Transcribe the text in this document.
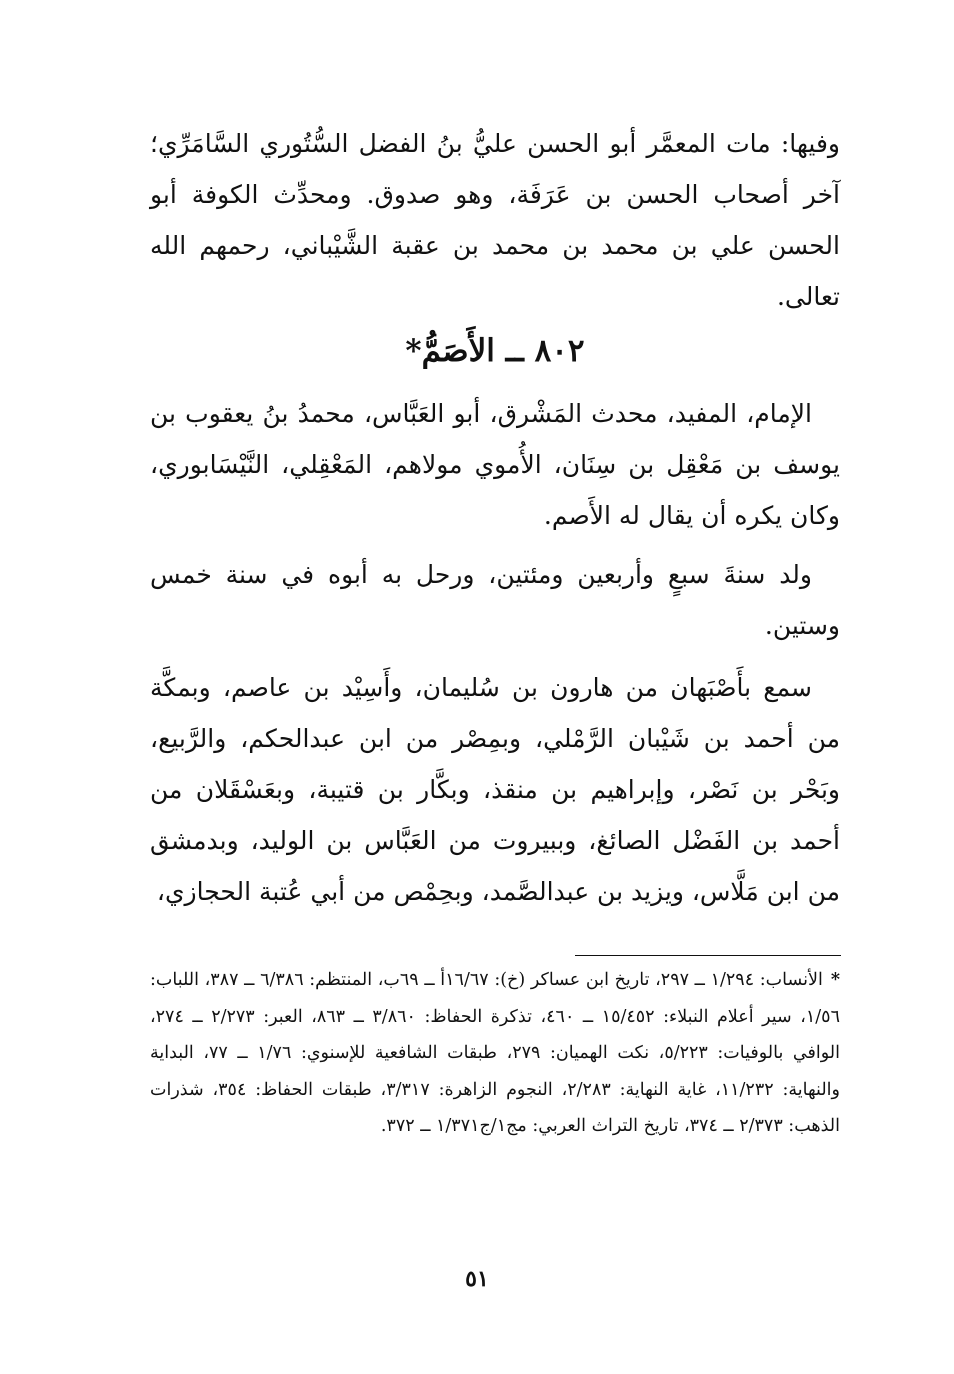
وفيها: مات المعمَّر أبو الحسن عليُّ بنُ الفضل السُّتُوري السَّامَرِّي؛ آخر أصحاب الحسن بن عَرَفَة، وهو صدوق. ومحدِّث الكوفة أبو الحسن علي بن محمد بن محمد بن عقبة الشَّيْباني، رحمهم الله تعالى.

٨٠٢ ــ الأَصَمُّ*

الإمام، المفيد، محدث المَشْرق، أبو العَبَّاس، محمدُ بنُ يعقوب بن يوسف بن مَعْقِل بن سِنَان، الأُموي مولاهم، المَعْقِلي، النَّيْسَابوري، وكان يكره أن يقال له الأَصم.

ولد سنةَ سبعٍ وأربعين ومئتين، ورحل به أبوه في سنة خمس وستين.

سمع بأَصْبَهان من هارون بن سُليمان، وأَسِيْد بن عاصم، وبمكَّة من أحمد بن شَيْبان الرَّمْلي، وبمِصْر من ابن عبدالحكم، والرَّبيع، وبَحْر بن نَصْر، وإبراهيم بن منقذ، وبكَّار بن قتيبة، وبعَسْقَلان من أحمد بن الفَضْل الصائغ، وببيروت من العَبَّاس بن الوليد، وبدمشق من ابن مَلَّاس، ويزيد بن عبدالصَّمد، وبحِمْص من أبي عُتبة الحجازي،

*الأنساب: ١/٢٩٤ ــ ٢٩٧، تاريخ ابن عساكر (خ): ١٦/٦٧أ ــ ٦٩ب، المنتظم: ٦/٣٨٦ ــ ٣٨٧، اللباب: ١/٥٦، سير أعلام النبلاء: ١٥/٤٥٢ ــ ٤٦٠، تذكرة الحفاظ: ٣/٨٦٠ ــ ٨٦٣، العبر: ٢/٢٧٣ ــ ٢٧٤، الوافي بالوفيات: ٥/٢٢٣، نكت الهميان: ٢٧٩، طبقات الشافعية للإسنوي: ١/٧٦ ــ ٧٧، البداية والنهاية: ١١/٢٣٢، غاية النهاية: ٢/٢٨٣، النجوم الزاهرة: ٣/٣١٧، طبقات الحفاظ: ٣٥٤، شذرات الذهب: ٢/٣٧٣ ــ ٣٧٤، تاريخ التراث العربي: مج١/ج١/٣٧١ ــ ٣٧٢.
٥١
